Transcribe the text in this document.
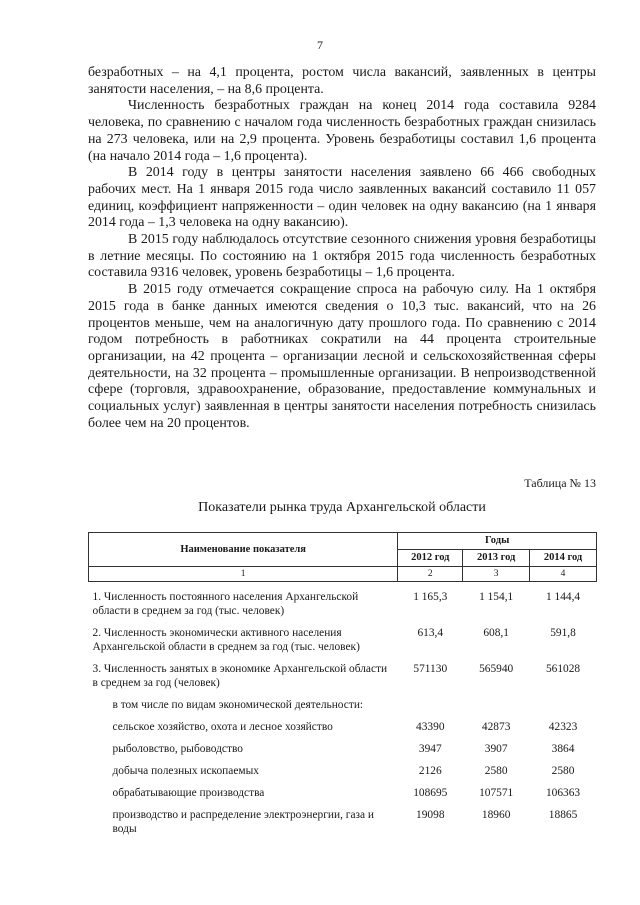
7

безработных – на 4,1 процента, ростом числа вакансий, заявленных в центры занятости населения, – на 8,6 процента.

Численность безработных граждан на конец 2014 года составила 9284 человека, по сравнению с началом года численность безработных граждан снизилась на 273 человека, или на 2,9 процента. Уровень безработицы составил 1,6 процента (на начало 2014 года – 1,6 процента).

В 2014 году в центры занятости населения заявлено 66 466 свободных рабочих мест. На 1 января 2015 года число заявленных вакансий составило 11 057 единиц, коэффициент напряженности – один человек на одну вакансию (на 1 января 2014 года – 1,3 человека на одну вакансию).

В 2015 году наблюдалось отсутствие сезонного снижения уровня безработицы в летние месяцы. По состоянию на 1 октября 2015 года численность безработных составила 9316 человек, уровень безработицы – 1,6 процента.

В 2015 году отмечается сокращение спроса на рабочую силу. На 1 октября 2015 года в банке данных имеются сведения о 10,3 тыс. вакансий, что на 26 процентов меньше, чем на аналогичную дату прошлого года. По сравнению с 2014 годом потребность в работниках сократили на 44 процента строительные организации, на 42 процента – организации лесной и сельскохозяйственная сферы деятельности, на 32 процента – промышленные организации. В непроизводственной сфере (торговля, здравоохранение, образование, предоставление коммунальных и социальных услуг) заявленная в центры занятости населения потребность снизилась более чем на 20 процентов.

Таблица № 13
Показатели рынка труда Архангельской области
Наименование показателя	Годы		
	2012 год	2013 год	2014 год
1	2	3	4

1. Численность постоянного населения Архангельской области в среднем за год (тыс. человек)	1 165,3	1 154,1	1 144,4

2. Численность экономически активного населения Архангельской области в среднем за год (тыс. человек)	613,4	608,1	591,8

3. Численность занятых в экономике Архангельской области в среднем за год (человек)	571130	565940	561028

в том числе по видам экономической деятельности:			

сельское хозяйство, охота и лесное хозяйство	43390	42873	42323

рыболовство, рыбоводство	3947	3907	3864

добыча полезных ископаемых	2126	2580	2580

обрабатывающие производства	108695	107571	106363

производство и распределение электроэнергии, газа и воды	19098	18960	18865
